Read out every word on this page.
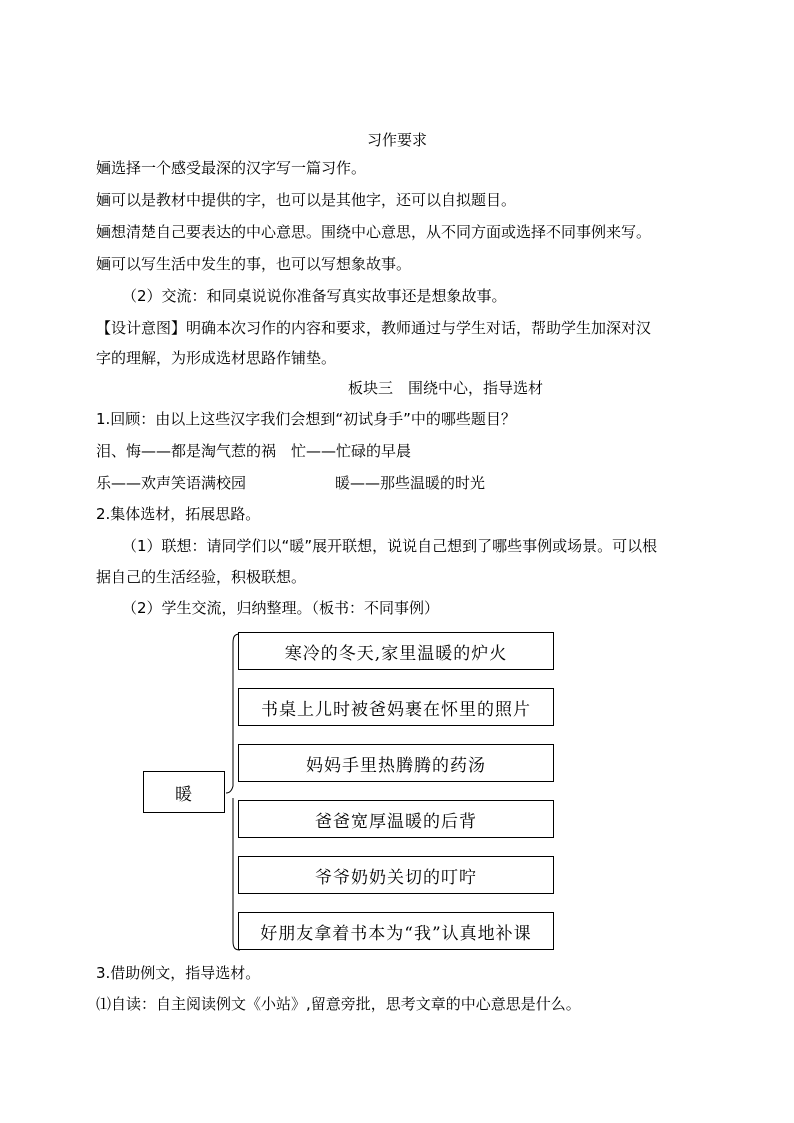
习作要求
婳选择一个感受最深的汉字写一篇习作。
婳可以是教材中提供的字，也可以是其他字，还可以自拟题目。
婳想清楚自己要表达的中心意思。围绕中心意思，从不同方面或选择不同事例来写。
婳可以写生活中发生的事，也可以写想象故事。
（2）交流：和同桌说说你准备写真实故事还是想象故事。
【设计意图】明确本次习作的内容和要求，教师通过与学生对话，帮助学生加深对汉
字的理解，为形成选材思路作铺垫。
板块三　围绕中心，指导选材
1.回顾：由以上这些汉字我们会想到“初试身手”中的哪些题目？
泪、悔——都是淘气惹的祸　忙——忙碌的早晨
乐——欢声笑语满校园	暖——那些温暖的时光
2.集体选材，拓展思路。
（1）联想：请同学们以“暖”展开联想，说说自己想到了哪些事例或场景。可以根
据自己的生活经验，积极联想。
（2）学生交流，归纳整理。（板书：不同事例）
暖
寒冷的冬天,家里温暖的炉火
书桌上儿时被爸妈裹在怀里的照片
妈妈手里热腾腾的药汤
爸爸宽厚温暖的后背
爷爷奶奶关切的叮咛
好朋友拿着书本为“我”认真地补课
3.借助例文，指导选材。
⑴自读：自主阅读例文《小站》,留意旁批，思考文章的中心意思是什么。
